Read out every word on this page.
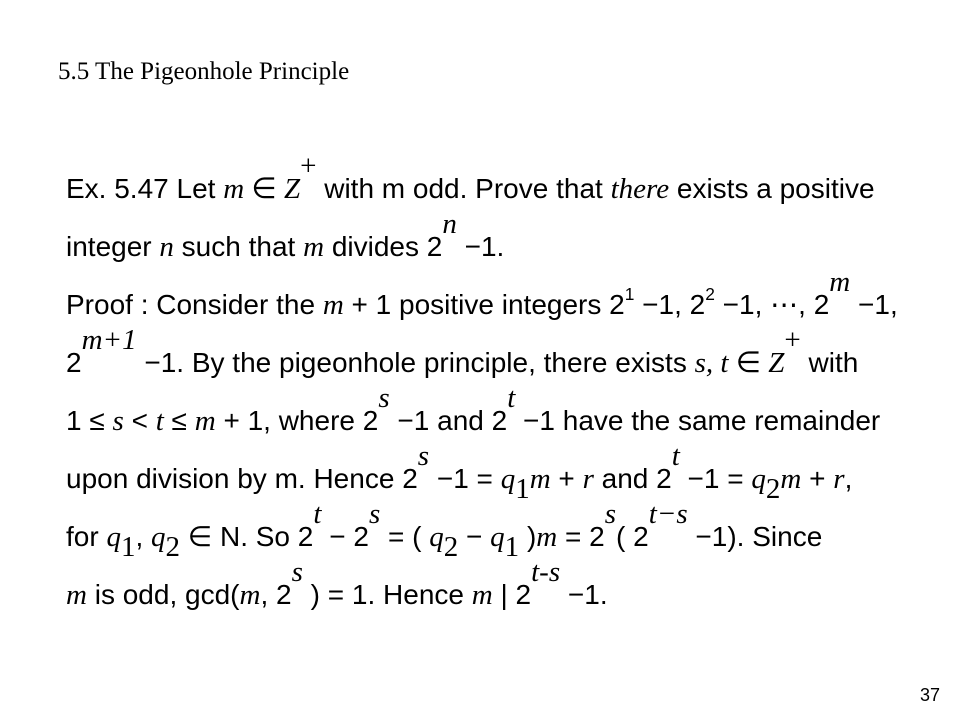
5.5 The Pigeonhole Principle
Ex. 5.47 Let m ∈ Z+ with m odd. Prove that there exists a positive
integer n such that m divides $2^n -1$.
Proof : Consider the m + 1 positive integers $2^1 -1$, $2^2 -1$, ⋯, $2^m -1$,
$2^{m+1} -1$. By the pigeonhole principle, there exists s, t ∈ Z+ with
1 ≤ s < t ≤ m + 1, where $2^s -1$ and $2^t -1$ have the same remainder
upon division by m. Hence $2^s -1 = q_1m + r$ and $2^t -1 = q_2m + r$,
for $q_1$, $q_2$ ∈ N. So $2^t - 2^s$ = ( $q_2 - q_1$ )$m = 2^s$( $2^{t-s} -1$). Since
m is odd, gcd(m, 2$^s$ ) = 1. Hence m | $2^{t-s} -1$.
37
